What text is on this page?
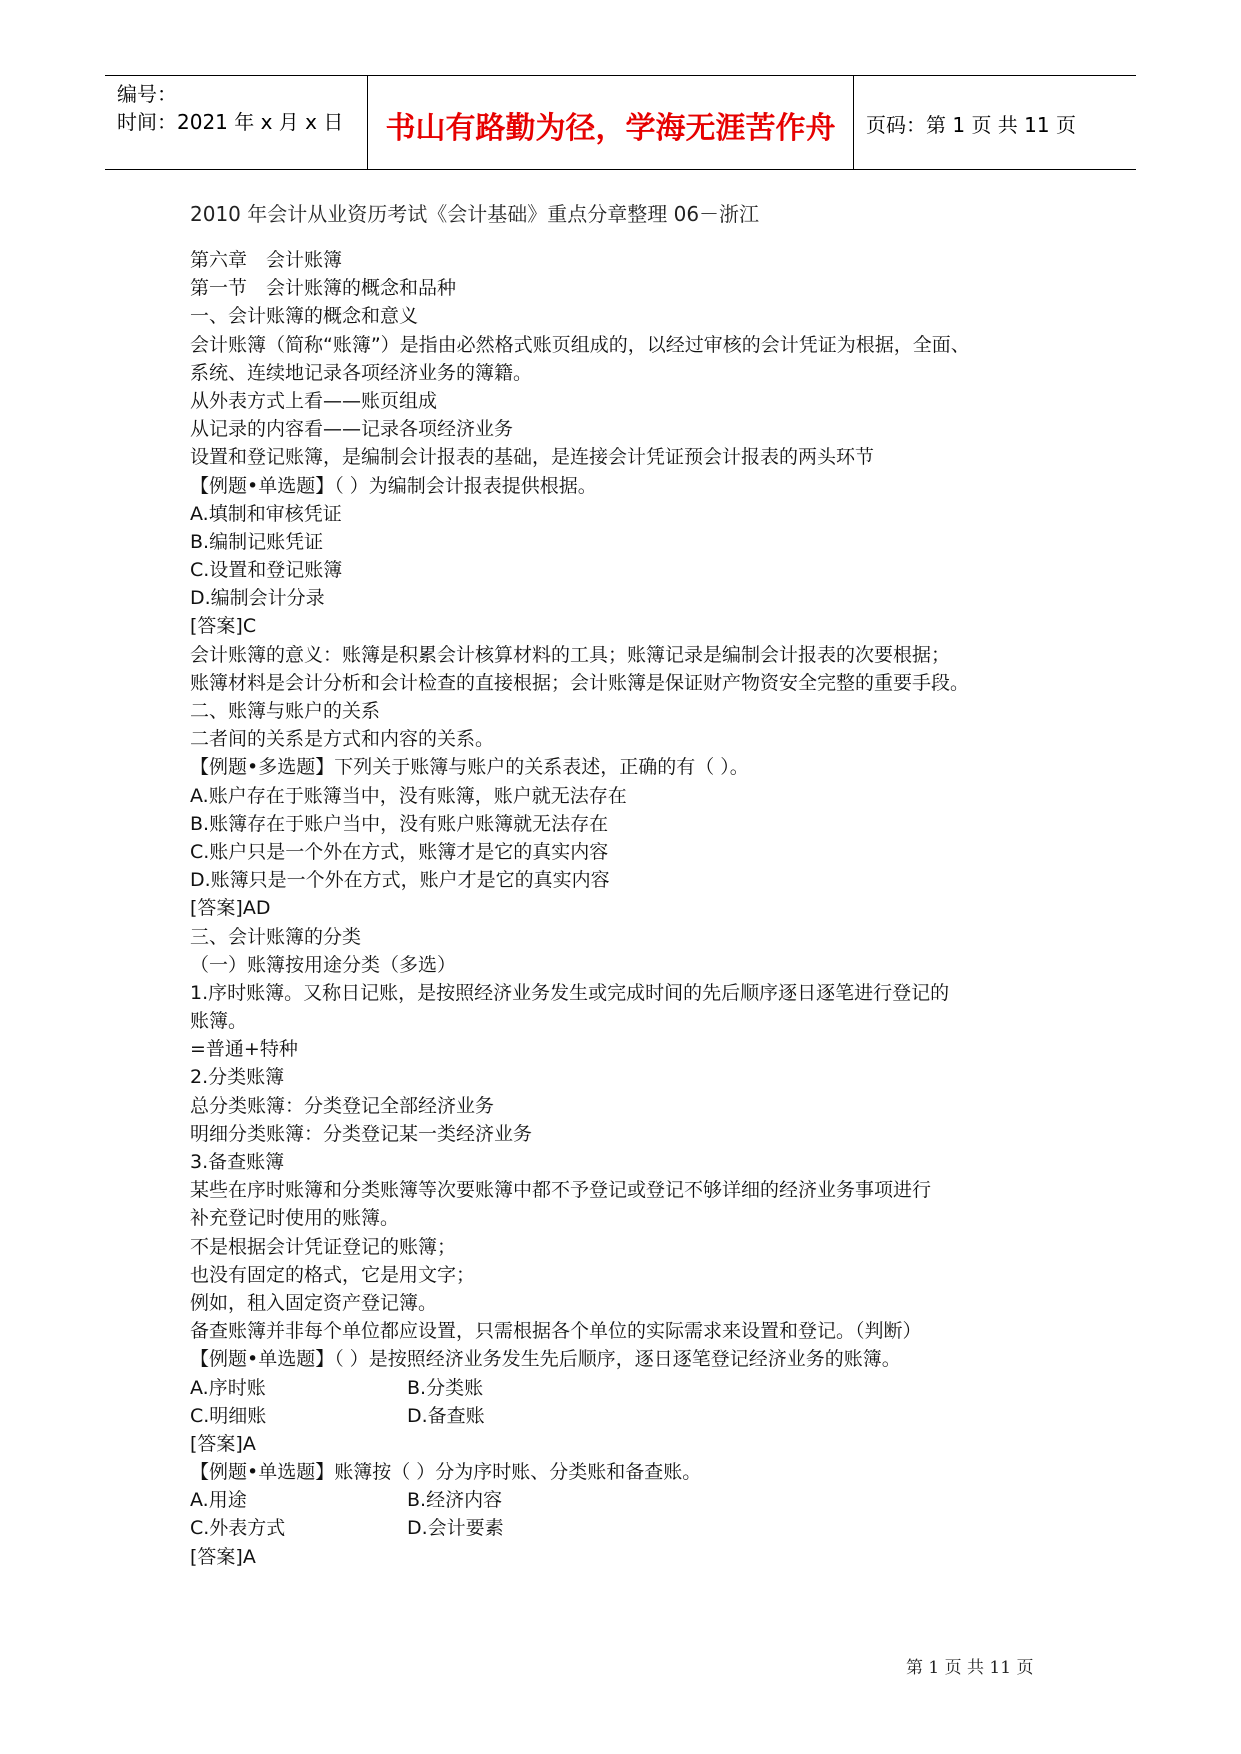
编号：
时间：2021 年 x 月 x 日	书山有路勤为径，学海无涯苦作舟	页码：第 1 页 共 11 页
2010 年会计从业资历考试《会计基础》重点分章整理 06－浙江
第六章　会计账簿
第一节　会计账簿的概念和品种
一、会计账簿的概念和意义
会计账簿（简称“账簿”）是指由必然格式账页组成的，以经过审核的会计凭证为根据，全面、
系统、连续地记录各项经济业务的簿籍。
从外表方式上看——账页组成
从记录的内容看——记录各项经济业务
设置和登记账簿，是编制会计报表的基础，是连接会计凭证预会计报表的两头环节
【例题•单选题】（ ）为编制会计报表提供根据。
A.填制和审核凭证
B.编制记账凭证
C.设置和登记账簿
D.编制会计分录
[答案]C
会计账簿的意义：账簿是积累会计核算材料的工具；账簿记录是编制会计报表的次要根据；
账簿材料是会计分析和会计检查的直接根据；会计账簿是保证财产物资安全完整的重要手段。
二、账簿与账户的关系
二者间的关系是方式和内容的关系。
【例题•多选题】下列关于账簿与账户的关系表述，正确的有（ ）。
A.账户存在于账簿当中，没有账簿，账户就无法存在
B.账簿存在于账户当中，没有账户账簿就无法存在
C.账户只是一个外在方式，账簿才是它的真实内容
D.账簿只是一个外在方式，账户才是它的真实内容
[答案]AD
三、会计账簿的分类
（一）账簿按用途分类（多选）
1.序时账簿。又称日记账，是按照经济业务发生或完成时间的先后顺序逐日逐笔进行登记的
账簿。
=普通+特种
2.分类账簿
总分类账簿：分类登记全部经济业务
明细分类账簿：分类登记某一类经济业务
3.备查账簿
某些在序时账簿和分类账簿等次要账簿中都不予登记或登记不够详细的经济业务事项进行
补充登记时使用的账簿。
不是根据会计凭证登记的账簿；
也没有固定的格式，它是用文字；
例如，租入固定资产登记簿。
备查账簿并非每个单位都应设置，只需根据各个单位的实际需求来设置和登记。（判断）
【例题•单选题】（ ）是按照经济业务发生先后顺序，逐日逐笔登记经济业务的账簿。
A.序时账	B.分类账
C.明细账	D.备查账
[答案]A
【例题•单选题】账簿按（ ）分为序时账、分类账和备查账。
A.用途	B.经济内容
C.外表方式	D.会计要素
[答案]A
第 1 页 共 11 页
